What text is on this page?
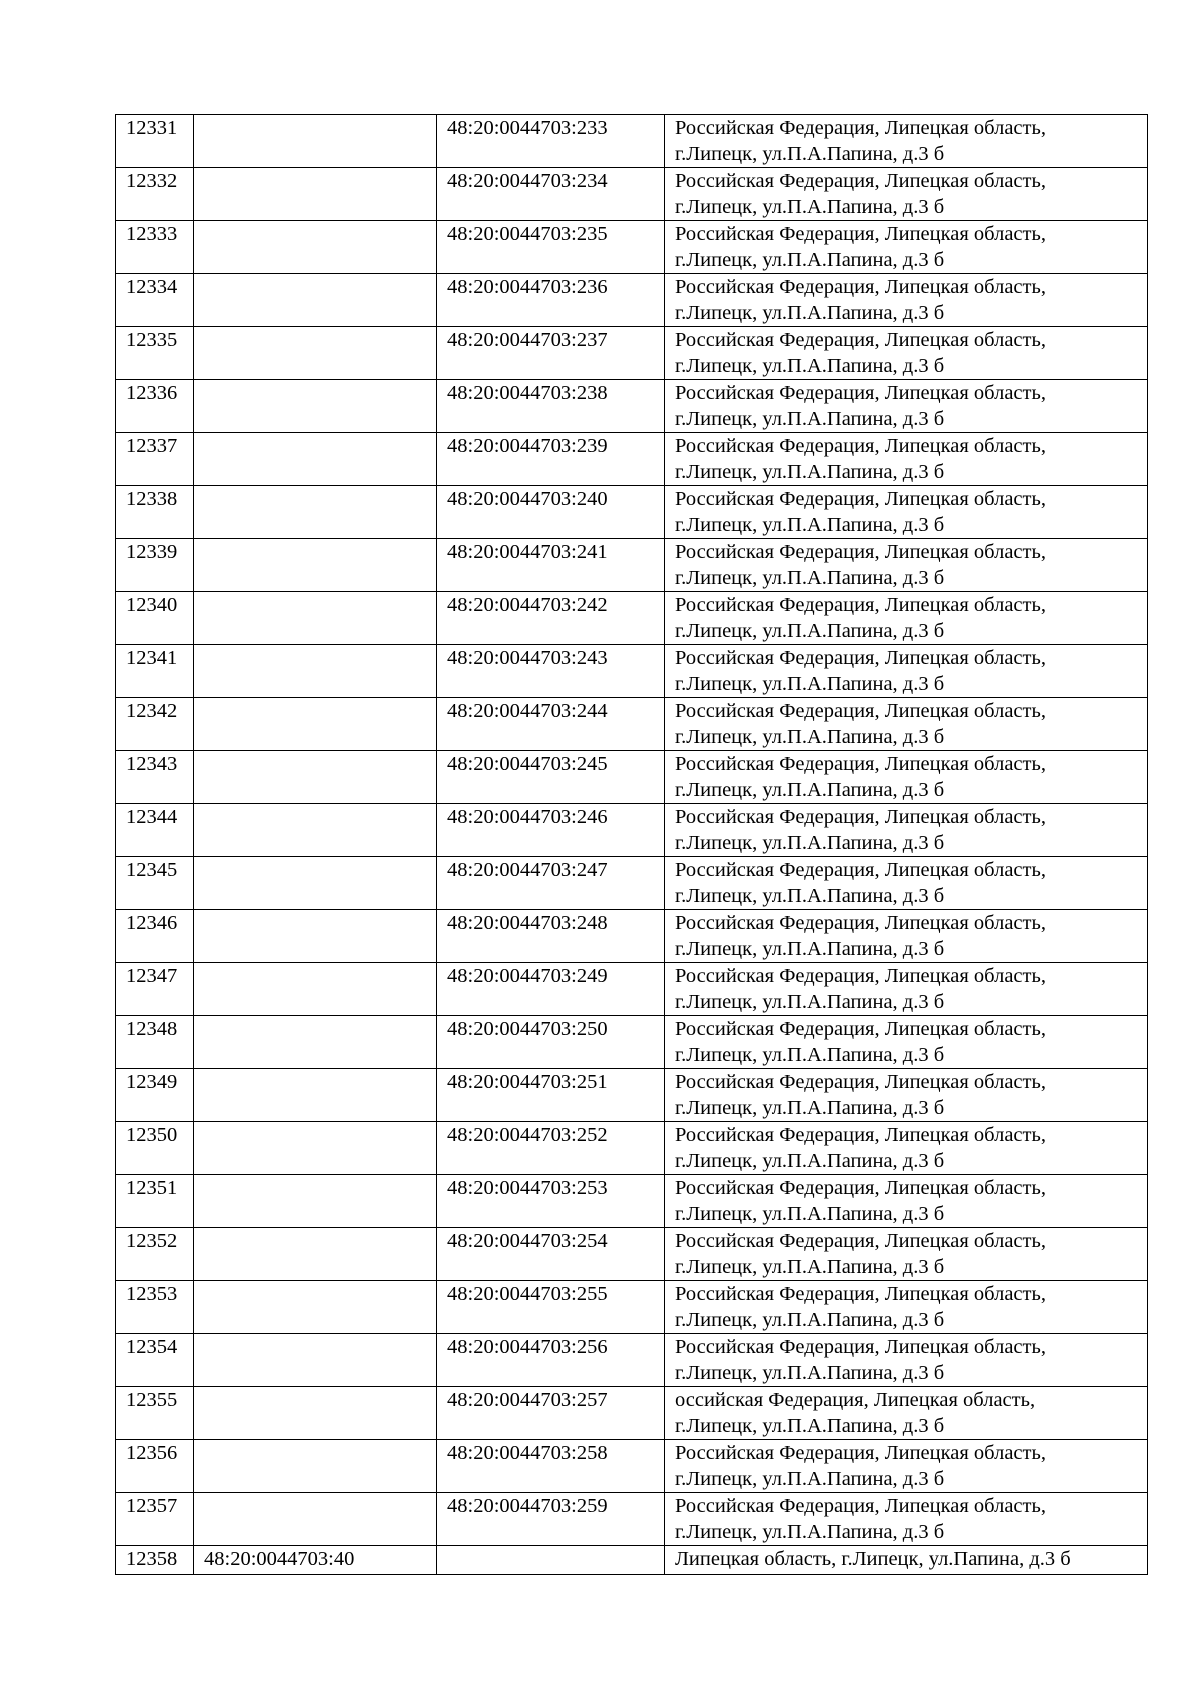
12331		48:20:0044703:233	Российская Федерация, Липецкая область,
г.Липецк, ул.П.А.Папина, д.3 б
12332		48:20:0044703:234	Российская Федерация, Липецкая область,
г.Липецк, ул.П.А.Папина, д.3 б
12333		48:20:0044703:235	Российская Федерация, Липецкая область,
г.Липецк, ул.П.А.Папина, д.3 б
12334		48:20:0044703:236	Российская Федерация, Липецкая область,
г.Липецк, ул.П.А.Папина, д.3 б
12335		48:20:0044703:237	Российская Федерация, Липецкая область,
г.Липецк, ул.П.А.Папина, д.3 б
12336		48:20:0044703:238	Российская Федерация, Липецкая область,
г.Липецк, ул.П.А.Папина, д.3 б
12337		48:20:0044703:239	Российская Федерация, Липецкая область,
г.Липецк, ул.П.А.Папина, д.3 б
12338		48:20:0044703:240	Российская Федерация, Липецкая область,
г.Липецк, ул.П.А.Папина, д.3 б
12339		48:20:0044703:241	Российская Федерация, Липецкая область,
г.Липецк, ул.П.А.Папина, д.3 б
12340		48:20:0044703:242	Российская Федерация, Липецкая область,
г.Липецк, ул.П.А.Папина, д.3 б
12341		48:20:0044703:243	Российская Федерация, Липецкая область,
г.Липецк, ул.П.А.Папина, д.3 б
12342		48:20:0044703:244	Российская Федерация, Липецкая область,
г.Липецк, ул.П.А.Папина, д.3 б
12343		48:20:0044703:245	Российская Федерация, Липецкая область,
г.Липецк, ул.П.А.Папина, д.3 б
12344		48:20:0044703:246	Российская Федерация, Липецкая область,
г.Липецк, ул.П.А.Папина, д.3 б
12345		48:20:0044703:247	Российская Федерация, Липецкая область,
г.Липецк, ул.П.А.Папина, д.3 б
12346		48:20:0044703:248	Российская Федерация, Липецкая область,
г.Липецк, ул.П.А.Папина, д.3 б
12347		48:20:0044703:249	Российская Федерация, Липецкая область,
г.Липецк, ул.П.А.Папина, д.3 б
12348		48:20:0044703:250	Российская Федерация, Липецкая область,
г.Липецк, ул.П.А.Папина, д.3 б
12349		48:20:0044703:251	Российская Федерация, Липецкая область,
г.Липецк, ул.П.А.Папина, д.3 б
12350		48:20:0044703:252	Российская Федерация, Липецкая область,
г.Липецк, ул.П.А.Папина, д.3 б
12351		48:20:0044703:253	Российская Федерация, Липецкая область,
г.Липецк, ул.П.А.Папина, д.3 б
12352		48:20:0044703:254	Российская Федерация, Липецкая область,
г.Липецк, ул.П.А.Папина, д.3 б
12353		48:20:0044703:255	Российская Федерация, Липецкая область,
г.Липецк, ул.П.А.Папина, д.3 б
12354		48:20:0044703:256	Российская Федерация, Липецкая область,
г.Липецк, ул.П.А.Папина, д.3 б
12355		48:20:0044703:257	оссийская Федерация, Липецкая область,
г.Липецк, ул.П.А.Папина, д.3 б
12356		48:20:0044703:258	Российская Федерация, Липецкая область,
г.Липецк, ул.П.А.Папина, д.3 б
12357		48:20:0044703:259	Российская Федерация, Липецкая область,
г.Липецк, ул.П.А.Папина, д.3 б
12358	48:20:0044703:40		Липецкая область, г.Липецк, ул.Папина, д.3 б
